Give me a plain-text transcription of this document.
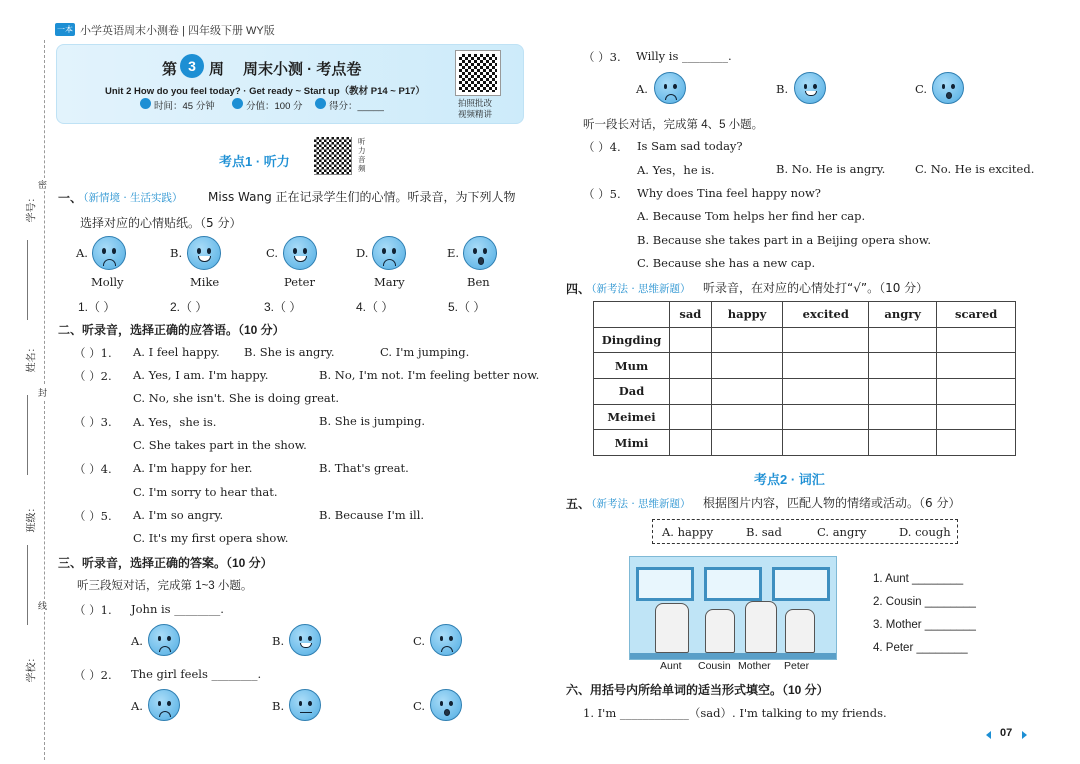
一本 小学英语周末小测卷 | 四年级下册 WY版
学号：
姓名：
班级：
学校：
密
封
线
第 3 周 周末小测 · 考点卷
Unit 2 How do you feel today? · Get ready ~ Start up（教材 P14 ~ P17）
时间：45 分钟	分值：100 分	得分：_____	拍照批改
视频精讲
考点1 · 听力
听力音频
一、
（新情境 · 生活实践） Miss Wang 正在记录学生们的心情。听录音，为下列人物
选择对应的心情贴纸。（5 分）
A.
Molly
B.
Mike
C.
Peter
D.
Mary
E.
Ben
1.（ ）	2.（ ）	3.（ ）	4.（ ）	5.（ ）
二、听录音，选择正确的应答语。（10 分）
（ ）1. A. I feel happy. B. She is angry.	C. I'm jumping.
（ ）2. A. Yes, I am. I'm happy.	B. No, I'm not. I'm feeling better now.
C. No, she isn't. She is doing great.
（ ）3. A. Yes，she is.	B. She is jumping.
C. She takes part in the show.
（ ）4. A. I'm happy for her.	B. That's great.
C. I'm sorry to hear that.
（ ）5. A. I'm so angry.	B. Because I'm ill.
C. It's my first opera show.
三、听录音，选择正确的答案。（10 分）
听三段短对话，完成第 1~3 小题。
（ ）1. John is ________.
A.	B.	C.
（ ）2. The girl feels ________.
A.	B.	C.
（ ）3. Willy is ________.
A.	B.	C.
听一段长对话，完成第 4、5 小题。
（ ）4. Is Sam sad today?
A. Yes，he is.	B. No. He is angry.	C. No. He is excited.
（ ）5. Why does Tina feel happy now?
A. Because Tom helps her find her cap.
B. Because she takes part in a Beijing opera show.
C. Because she has a new cap.
四、
（新考法 · 思维新题） 听录音，在对应的心情处打“√”。（10 分）
	sad	happy	excited	angry	scared
Dingding					
Mum					
Dad					
Meimei					
Mimi					
考点2 · 词汇
五、
（新考法 · 思维新题） 根据图片内容，匹配人物的情绪或活动。（6 分）
A. happy	B. sad	C. angry	D. cough
Aunt Cousin Mother Peter
1. Aunt ________
2. Cousin ________
3. Mother ________
4. Peter ________
六、用括号内所给单词的适当形式填空。（10 分）
1. I'm ____________（sad）. I'm talking to my friends.
07
